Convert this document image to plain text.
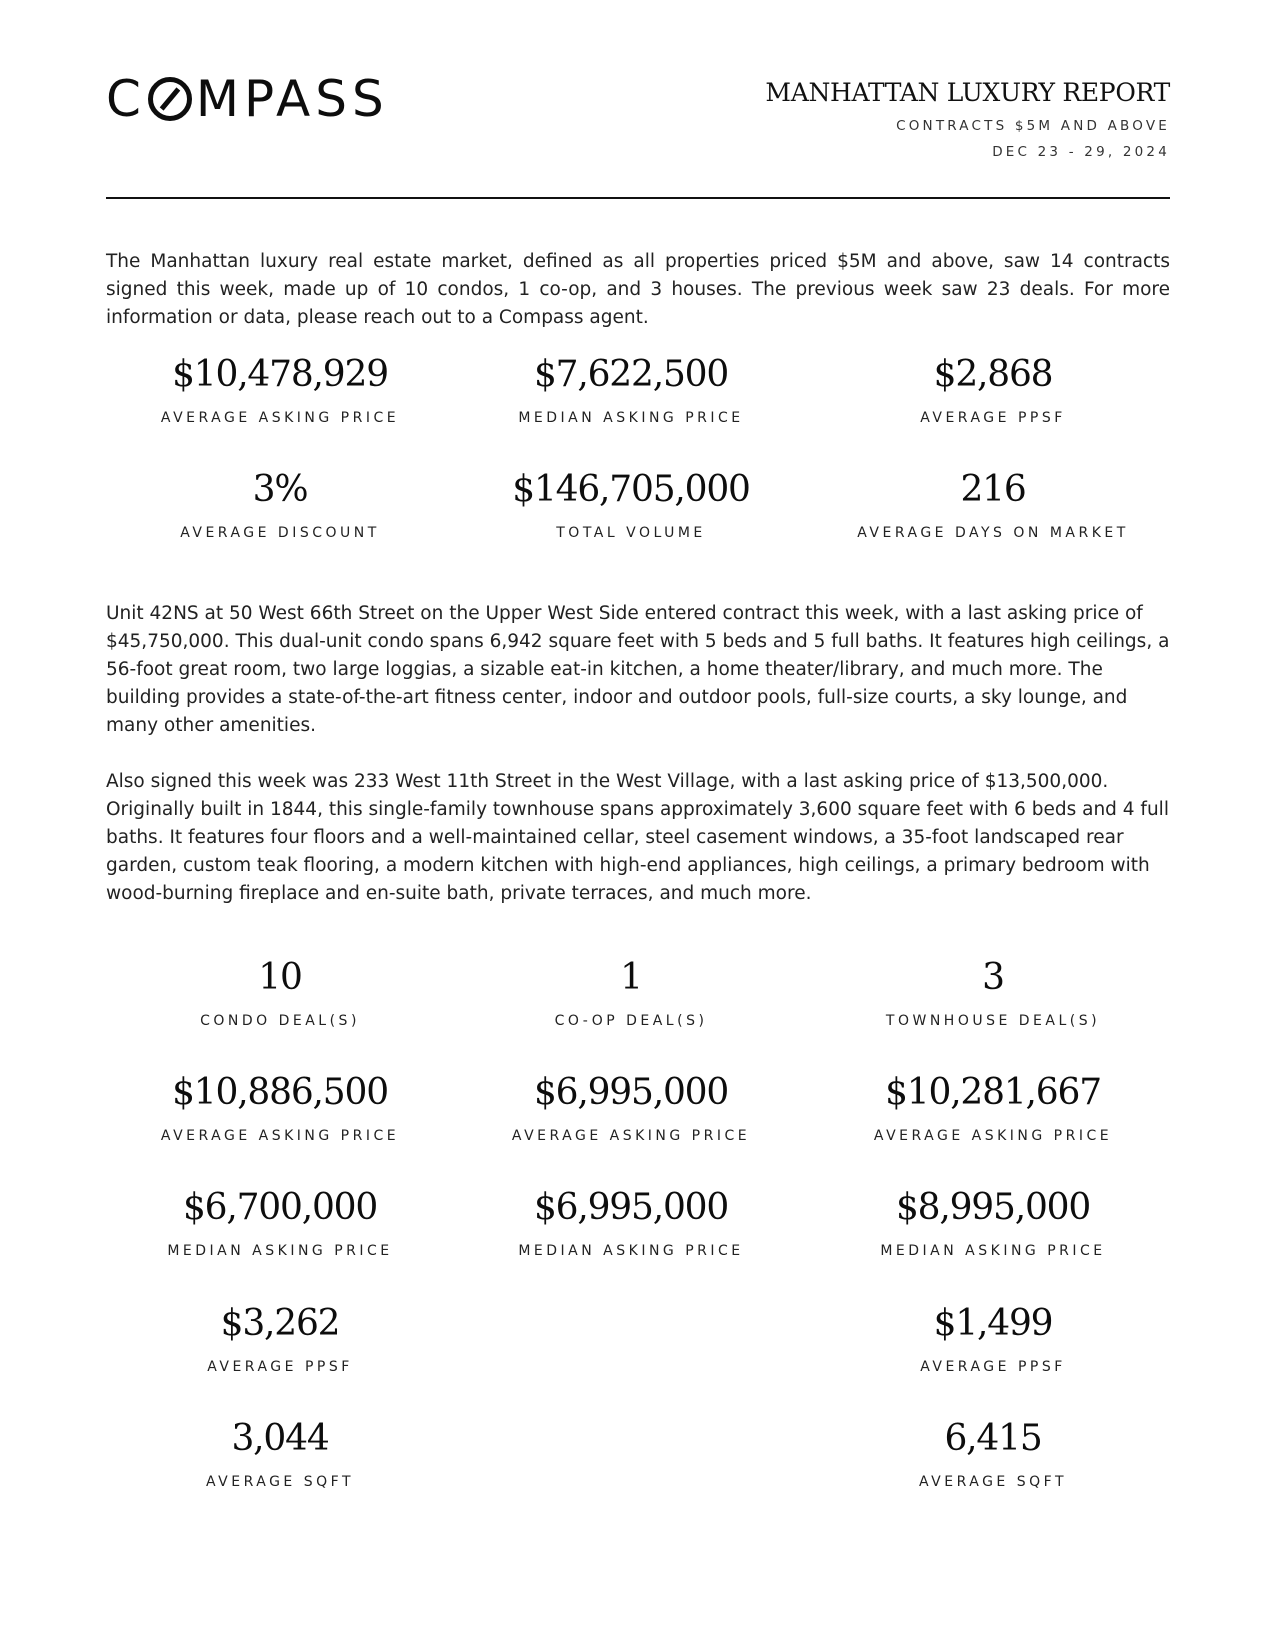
C MPASS	MANHATTAN LUXURY REPORT
CONTRACTS $5M AND ABOVE
DEC 23 - 29, 2024

The Manhattan luxury real estate market, defined as all properties priced $5M and above, saw 14 contracts signed this week, made up of 10 condos, 1 co-op, and 3 houses. The previous week saw 23 deals. For more information or data, please reach out to a Compass agent.

$10,478,929
AVERAGE ASKING PRICE
$7,622,500
MEDIAN ASKING PRICE
$2,868
AVERAGE PPSF
3%
AVERAGE DISCOUNT
$146,705,000
TOTAL VOLUME
216
AVERAGE DAYS ON MARKET

Unit 42NS at 50 West 66th Street on the Upper West Side entered contract this week, with a last asking price of $45,750,000. This dual-unit condo spans 6,942 square feet with 5 beds and 5 full baths. It features high ceilings, a 56-foot great room, two large loggias, a sizable eat-in kitchen, a home theater/library, and much more. The building provides a state-of-the-art fitness center, indoor and outdoor pools, full-size courts, a sky lounge, and many other amenities.

Also signed this week was 233 West 11th Street in the West Village, with a last asking price of $13,500,000. Originally built in 1844, this single-family townhouse spans approximately 3,600 square feet with 6 beds and 4 full baths. It features four floors and a well-maintained cellar, steel casement windows, a 35-foot landscaped rear garden, custom teak flooring, a modern kitchen with high-end appliances, high ceilings, a primary bedroom with wood-burning fireplace and en-suite bath, private terraces, and much more.

10
CONDO DEAL(S)
$10,886,500
AVERAGE ASKING PRICE
$6,700,000
MEDIAN ASKING PRICE
$3,262
AVERAGE PPSF
3,044
AVERAGE SQFT
1
CO-OP DEAL(S)
$6,995,000
AVERAGE ASKING PRICE
$6,995,000
MEDIAN ASKING PRICE
3
TOWNHOUSE DEAL(S)
$10,281,667
AVERAGE ASKING PRICE
$8,995,000
MEDIAN ASKING PRICE
$1,499
AVERAGE PPSF
6,415
AVERAGE SQFT
